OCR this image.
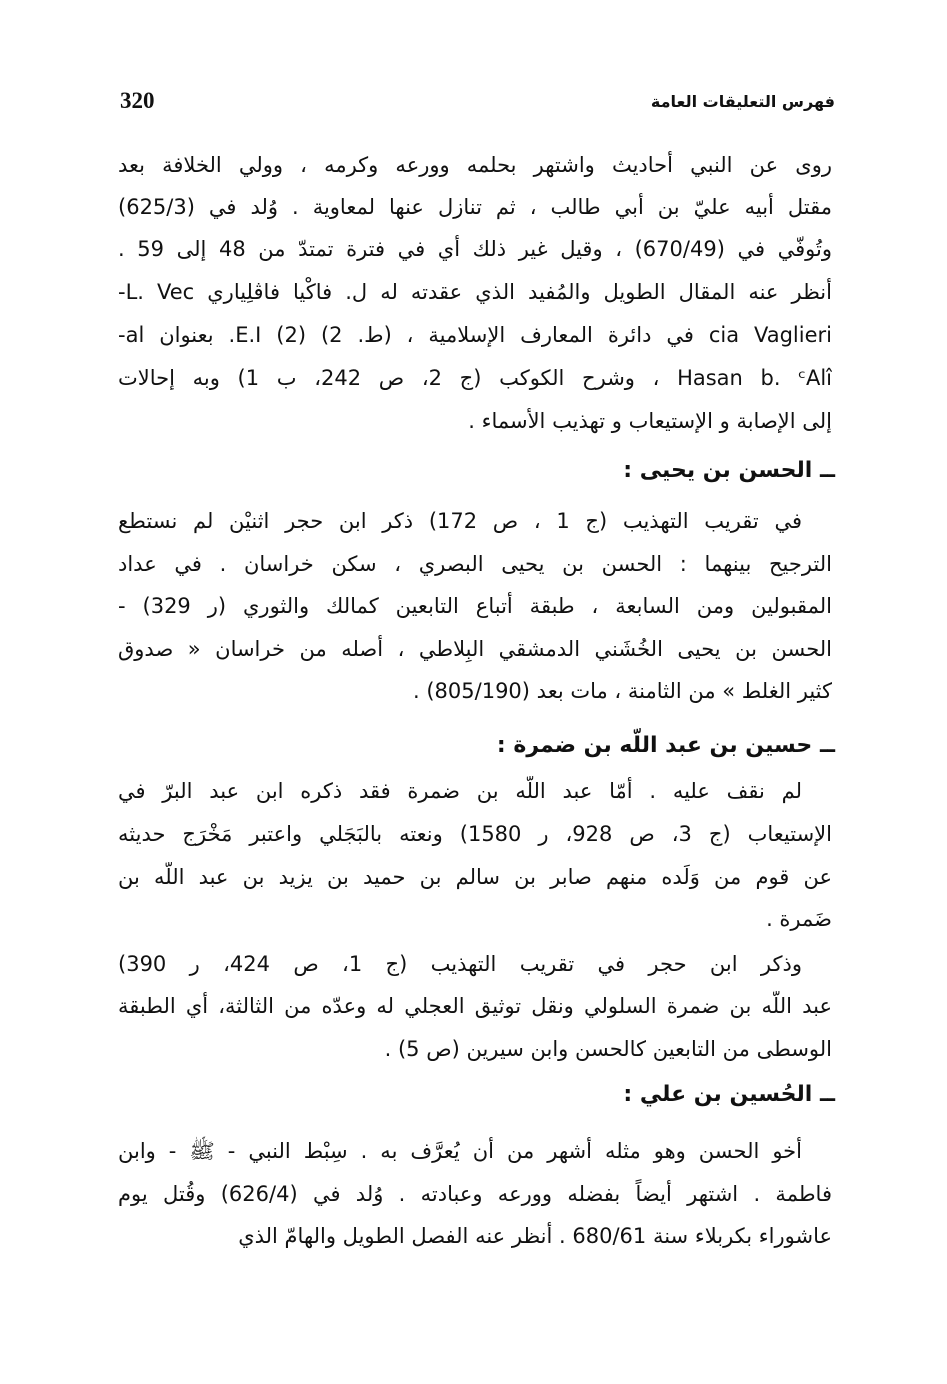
320	فهرس التعليقات العامة
روى عن النبي أحاديث واشتهر بحلمه وورعه وكرمه ، وولي الخلافة بعد
مقتل أبيه عليّ بن أبي طالب ، ثم تنازل عنها لمعاوية . وُلد في (625/3)
وتُوفّي في (670/49) ، وقيل غير ذلك أي في فترة تمتدّ من 48 إلى 59 .
أنظر عنه المقال الطويل والمُفيد الذي عقدته له ل. فاكْيا فاڤلِياري L. Vec-
cia Vaglieri في دائرة المعارف الإسلامية ، (ط. 2) (2) E.I. بعنوان al-
Hasan b. ᶜAlî ، وشرح الكوكب (ج 2، ص 242، ب 1) وبه إحالات
إلى الإصابة و الإستيعاب و تهذيب الأسماء .
ــ الحسن بن يحيى :
في تقريب التهذيب (ج 1 ، ص 172) ذكر ابن حجر اثنيْن لم نستطع
الترجيح بينهما : الحسن بن يحيى البصري ، سكن خراسان . في عداد
المقبولين ومن السابعة ، طبقة أتباع التابعين كمالك والثوري (ر 329) -
الحسن بن يحيى الخُشَني الدمشقي البِلاطي ، أصله من خراسان « صدوق
كثير الغلط » من الثامنة ، مات بعد (805/190) .
ــ حسين بن عبد اللّه بن ضمرة :
لم نقف عليه . أمّا عبد اللّه بن ضمرة فقد ذكره ابن عبد البرّ في
الإستيعاب (ج 3، ص 928، ر 1580) ونعته بالبَجَلي واعتبر مَخْرَج حديثه
عن قوم من وَلَده منهم صابر بن سالم بن حميد بن يزيد بن عبد اللّه بن
ضَمرة .
وذكر ابن حجر في تقريب التهذيب (ج 1، ص 424، ر 390)
عبد اللّه بن ضمرة السلولي ونقل توثيق العجلي له وعدّه من الثالثة، أي الطبقة
الوسطى من التابعين كالحسن وابن سيرين (ص 5) .
ــ الحُسين بن علي :
أخو الحسن وهو مثله أشهر من أن يُعرَّف به . سِبْط النبي - ﷺ - وابن
فاطمة . اشتهر أيضاً بفضله وورعه وعبادته . وُلد في (626/4) وقُتل يوم
عاشوراء بكربلاء سنة 680/61 . أنظر عنه الفصل الطويل والهامّ الذي
